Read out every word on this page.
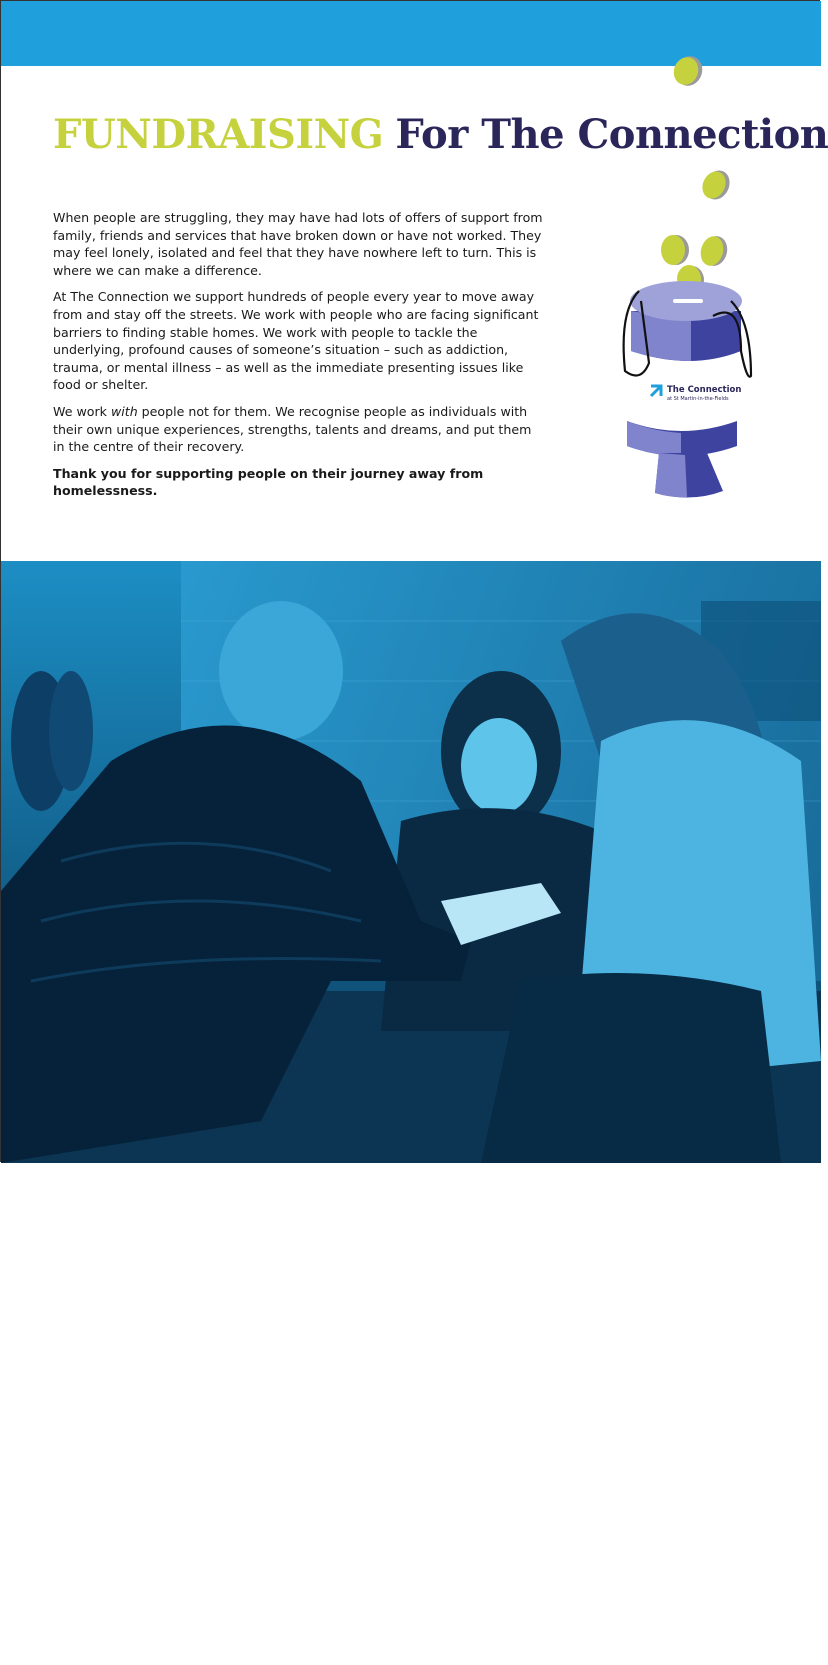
FUNDRAISING For The Connection

When people are struggling, they may have had lots of offers of support from family, friends and services that have broken down or have not worked. They may feel lonely, isolated and feel that they have nowhere left to turn. This is where we can make a difference.

At The Connection we support hundreds of people every year to move away from and stay off the streets. We work with people who are facing significant barriers to finding stable homes. We work with people to tackle the underlying, profound causes of someone’s situation – such as addiction, trauma, or mental illness – as well as the immediate presenting issues like food or shelter.

We work with people not for them. We recognise people as individuals with their own unique experiences, strengths, talents and dreams, and put them in the centre of their recovery.

Thank you for supporting people on their journey away from homelessness.

The Connection
at St Martin-in-the-Fields
Our Street Engagement Advisors take time to carefully establish and develop trusting relationships with clients on the street – where we find them.
